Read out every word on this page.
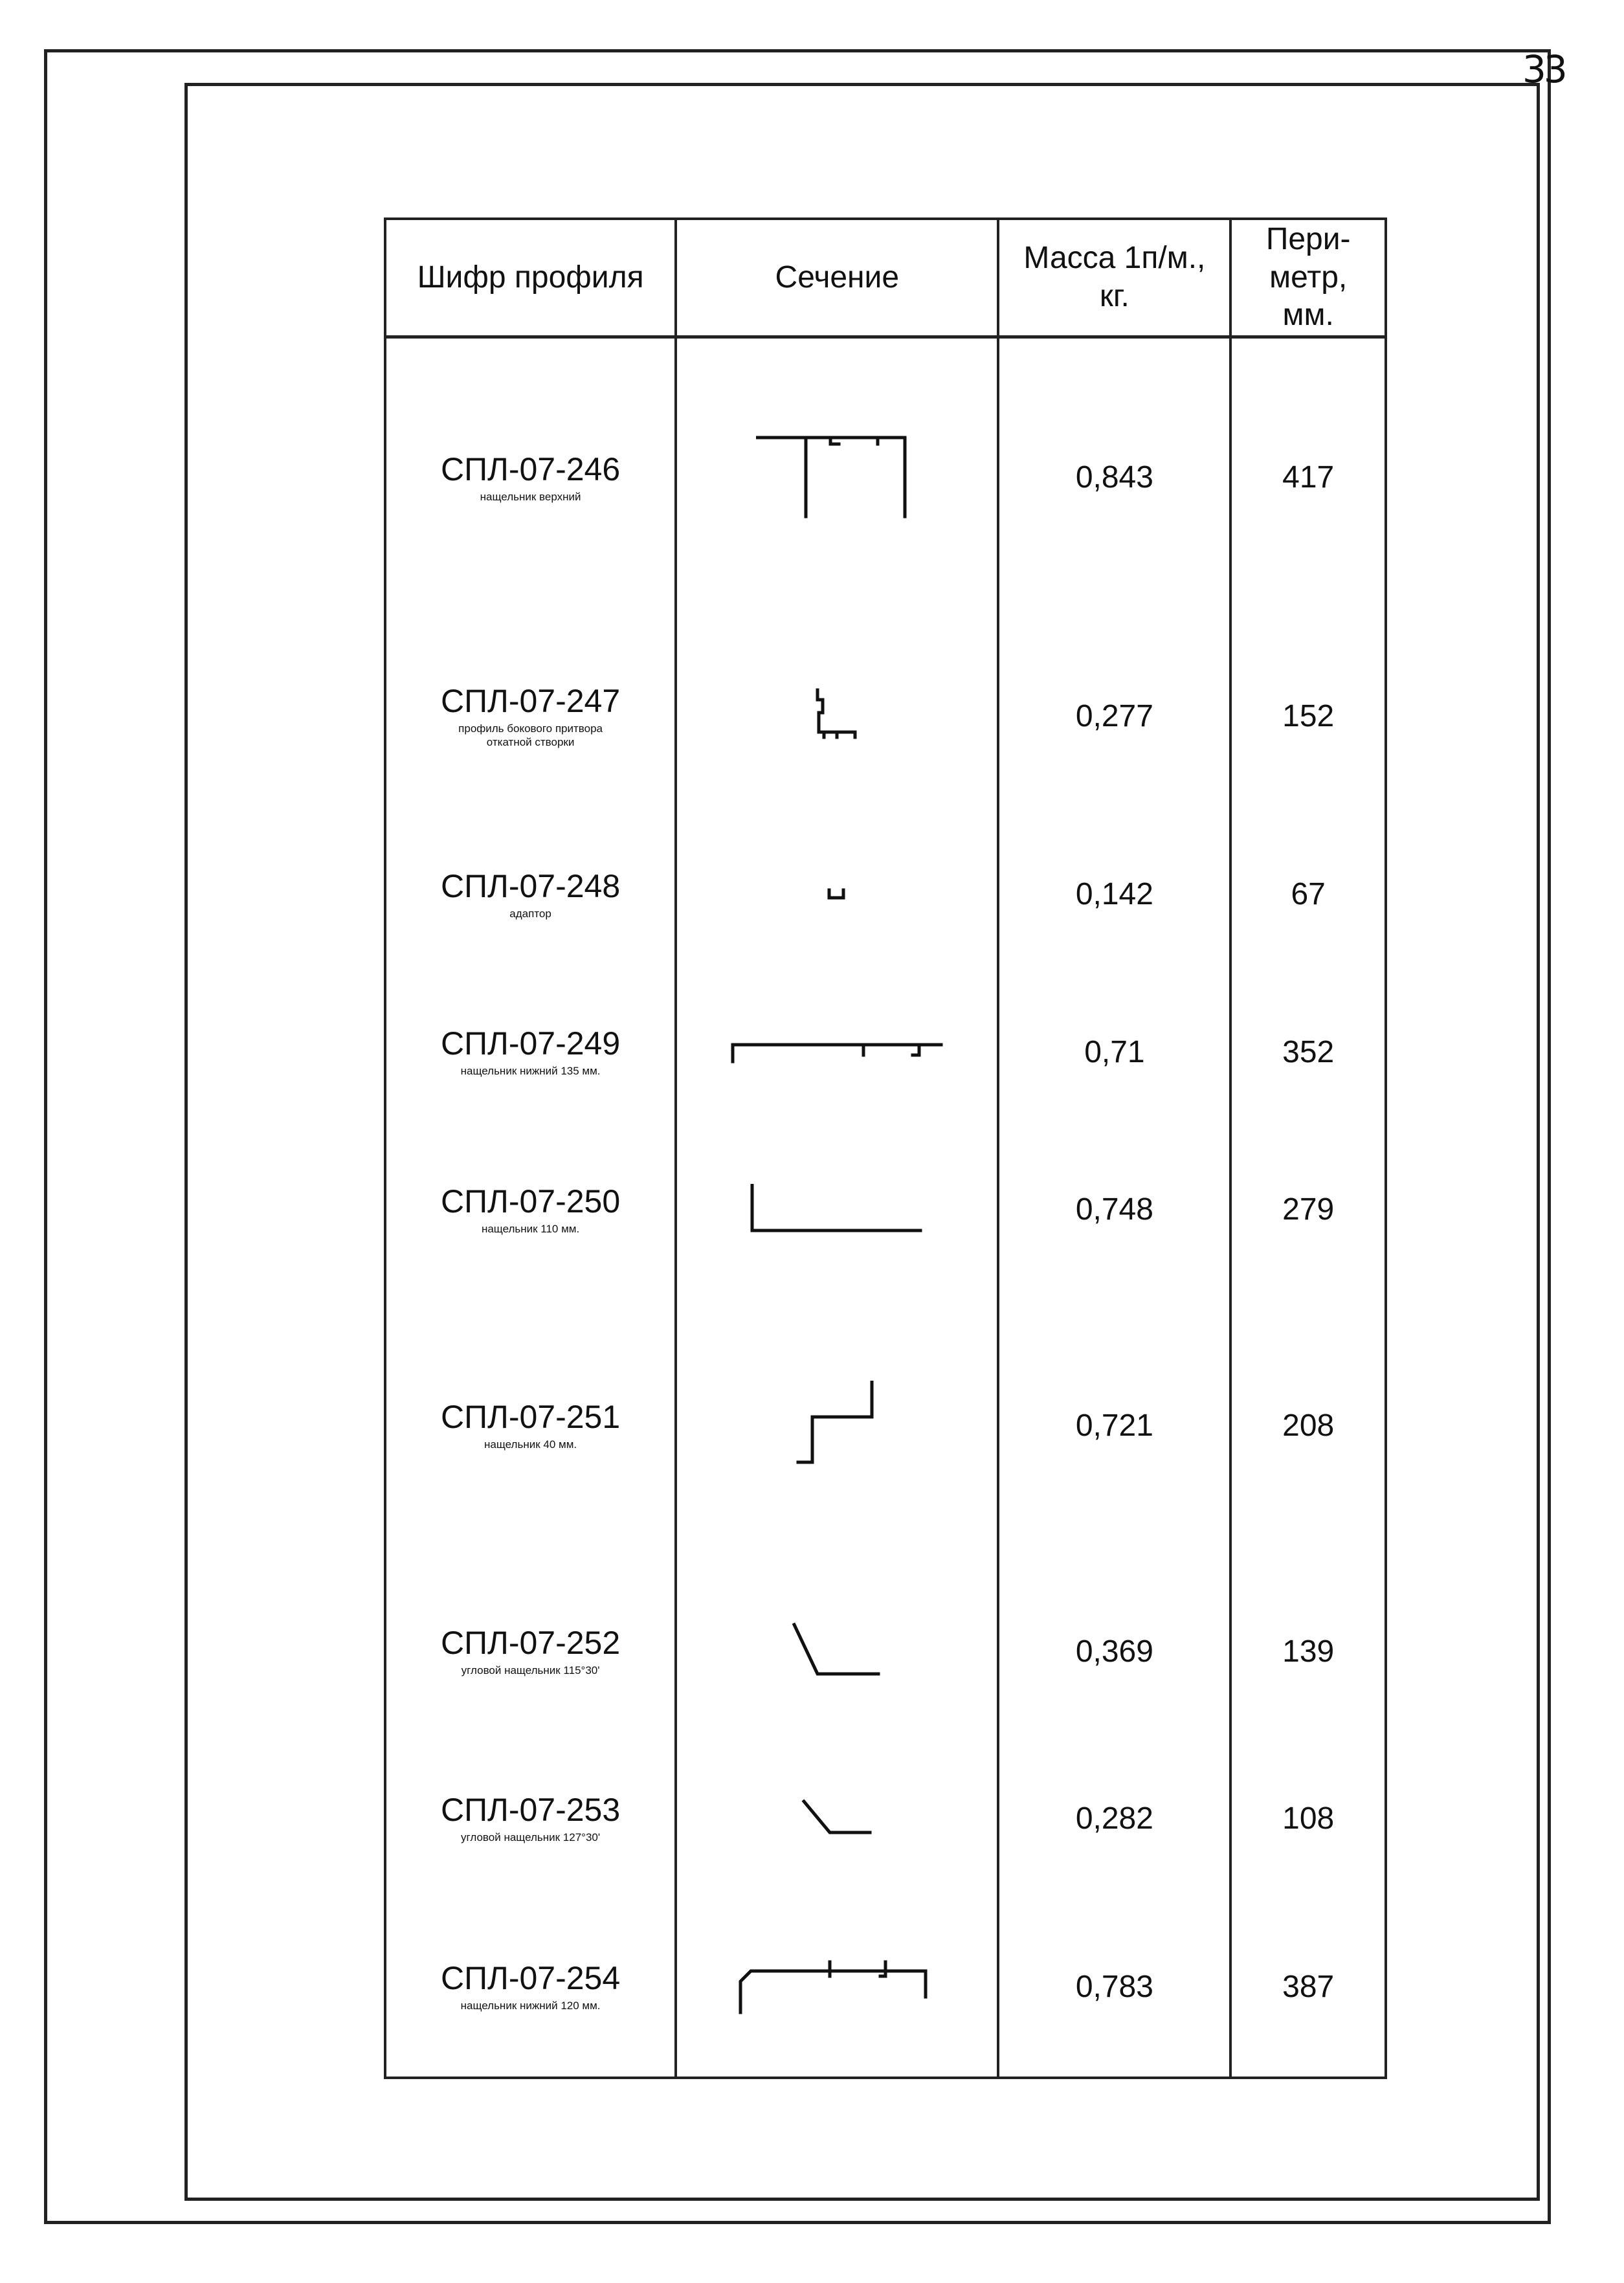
33
Шифр профиля	Сечение	Масса 1п/м., кг.	Пери-метр, мм.

СПЛ-07-246
нащельник верхний		0,843	417

СПЛ-07-247
профиль бокового притвора откатной створки		0,277	152

СПЛ-07-248
адаптор		0,142	67

СПЛ-07-249
нащельник нижний 135 мм.		0,71	352

СПЛ-07-250
нащельник 110 мм.		0,748	279

СПЛ-07-251
нащельник 40 мм.		0,721	208

СПЛ-07-252
угловой нащельник 115°30'		0,369	139

СПЛ-07-253
угловой нащельник 127°30'		0,282	108

СПЛ-07-254
нащельник нижний 120 мм.		0,783	387
